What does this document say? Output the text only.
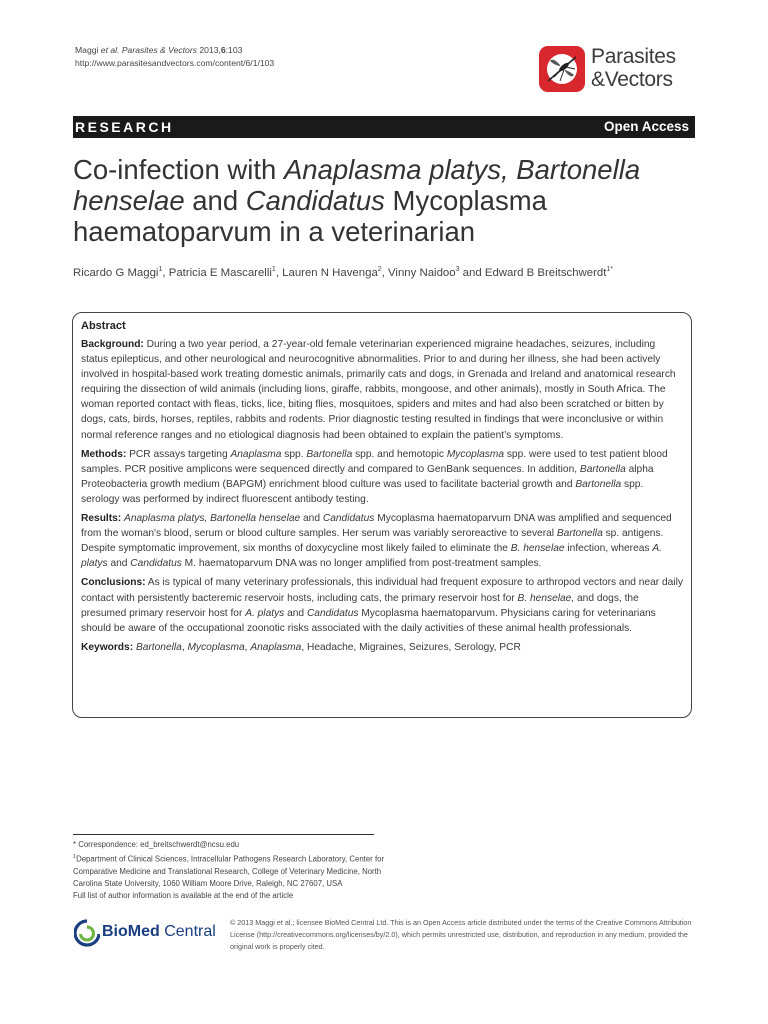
Maggi et al. Parasites & Vectors 2013,6:103
http://www.parasitesandvectors.com/content/6/1/103	Parasites
&Vectors
RESEARCH	Open Access
Co-infection with Anaplasma platys, Bartonella henselae and Candidatus Mycoplasma haematoparvum in a veterinarian
Ricardo G Maggi$^1$, Patricia E Mascarelli$^1$, Lauren N Havenga$^2$, Vinny Naidoo$^3$ and Edward B Breitschwerdt$^{1*}$
Abstract

Background: During a two year period, a 27-year-old female veterinarian experienced migraine headaches, seizures, including status epilepticus, and other neurological and neurocognitive abnormalities. Prior to and during her illness, she had been actively involved in hospital-based work treating domestic animals, primarily cats and dogs, in Grenada and Ireland and anatomical research requiring the dissection of wild animals (including lions, giraffe, rabbits, mongoose, and other animals), mostly in South Africa. The woman reported contact with fleas, ticks, lice, biting flies, mosquitoes, spiders and mites and had also been scratched or bitten by dogs, cats, birds, horses, reptiles, rabbits and rodents. Prior diagnostic testing resulted in findings that were inconclusive or within normal reference ranges and no etiological diagnosis had been obtained to explain the patient’s symptoms.

Methods: PCR assays targeting Anaplasma spp. Bartonella spp. and hemotopic Mycoplasma spp. were used to test patient blood samples. PCR positive amplicons were sequenced directly and compared to GenBank sequences. In addition, Bartonella alpha Proteobacteria growth medium (BAPGM) enrichment blood culture was used to facilitate bacterial growth and Bartonella spp. serology was performed by indirect fluorescent antibody testing.

Results: Anaplasma platys, Bartonella henselae and Candidatus Mycoplasma haematoparvum DNA was amplified and sequenced from the woman's blood, serum or blood culture samples. Her serum was variably seroreactive to several Bartonella sp. antigens. Despite symptomatic improvement, six months of doxycycline most likely failed to eliminate the B. henselae infection, whereas A. platys and Candidatus M. haematoparvum DNA was no longer amplified from post-treatment samples.

Conclusions: As is typical of many veterinary professionals, this individual had frequent exposure to arthropod vectors and near daily contact with persistently bacteremic reservoir hosts, including cats, the primary reservoir host for B. henselae, and dogs, the presumed primary reservoir host for A. platys and Candidatus Mycoplasma haematoparvum. Physicians caring for veterinarians should be aware of the occupational zoonotic risks associated with the daily activities of these animal health professionals.

Keywords: Bartonella, Mycoplasma, Anaplasma, Headache, Migraines, Seizures, Serology, PCR

* Correspondence: ed_breitschwerdt@ncsu.edu
$^1$Department of Clinical Sciences, Intracellular Pathogens Research Laboratory, Center for Comparative Medicine and Translational Research, College of Veterinary Medicine, North Carolina State University, 1060 William Moore Drive, Raleigh, NC 27607, USA
Full list of author information is available at the end of the article
BioMed Central
© 2013 Maggi et al.; licensee BioMed Central Ltd. This is an Open Access article distributed under the terms of the Creative Commons Attribution License (http://creativecommons.org/licenses/by/2.0), which permits unrestricted use, distribution, and reproduction in any medium, provided the original work is properly cited.
